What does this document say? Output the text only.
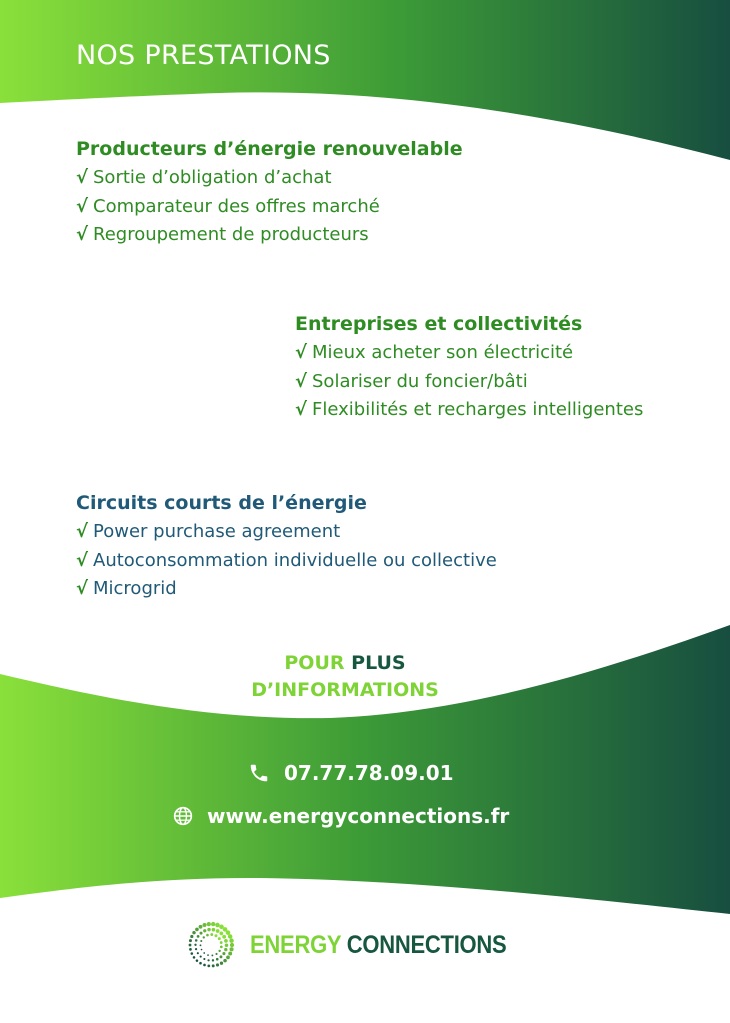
NOS PRESTATIONS
Producteurs d’énergie renouvelable
√ Sortie d’obligation d’achat
√ Comparateur des offres marché
√ Regroupement de producteurs
Entreprises et collectivités
√ Mieux acheter son électricité
√ Solariser du foncier/bâti
√ Flexibilités et recharges intelligentes
Circuits courts de l’énergie
√ Power purchase agreement
√ Autoconsommation individuelle ou collective
√ Microgrid
POUR PLUS
D’INFORMATIONS
07.77.78.09.01
www.energyconnections.fr
ENERGY CONNECTIONS
